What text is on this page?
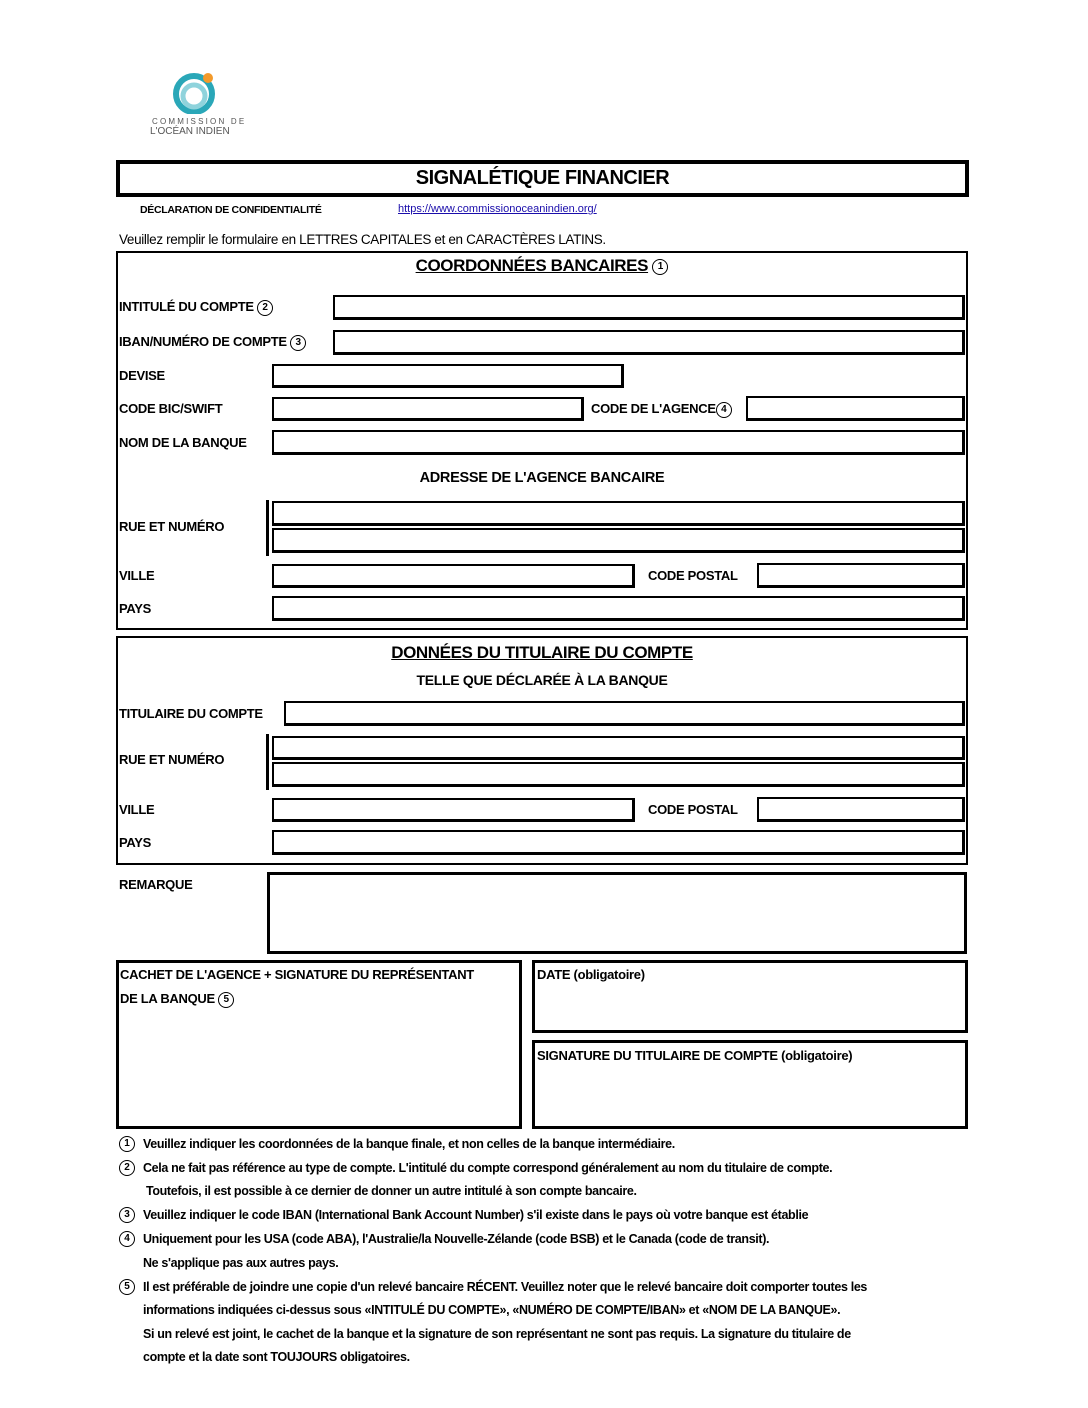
COMMISSION DE
L'OCÉAN INDIEN
SIGNALÉTIQUE FINANCIER
DÉCLARATION DE CONFIDENTIALITÉ	https://www.commissionoceanindien.org/
Veuillez remplir le formulaire en LETTRES CAPITALES et en CARACTÈRES LATINS.
COORDONNÉES BANCAIRES 1
INTITULÉ DU COMPTE 2
IBAN/NUMÉRO DE COMPTE 3
DEVISE
CODE BIC/SWIFT	CODE DE L'AGENCE 4
NOM DE LA BANQUE
ADRESSE DE L'AGENCE BANCAIRE
RUE ET NUMÉRO
VILLE	CODE POSTAL
PAYS
DONNÉES DU TITULAIRE DU COMPTE
TELLE QUE DÉCLARÉE À LA BANQUE
TITULAIRE DU COMPTE
RUE ET NUMÉRO
VILLE	CODE POSTAL
PAYS
REMARQUE
CACHET DE L'AGENCE + SIGNATURE DU REPRÉSENTANT
DE LA BANQUE 5
DATE (obligatoire)
SIGNATURE DU TITULAIRE DE COMPTE (obligatoire)
1	Veuillez indiquer les coordonnées de la banque finale, et non celles de la banque intermédiaire.
2	Cela ne fait pas référence au type de compte. L'intitulé du compte correspond généralement au nom du titulaire de compte.
Toutefois, il est possible à ce dernier de donner un autre intitulé à son compte bancaire.
3	Veuillez indiquer le code IBAN (International Bank Account Number) s'il existe dans le pays où votre banque est établie
4	Uniquement pour les USA (code ABA), l'Australie/la Nouvelle-Zélande (code BSB) et le Canada (code de transit).
Ne s'applique pas aux autres pays.
5	Il est préférable de joindre une copie d'un relevé bancaire RÉCENT. Veuillez noter que le relevé bancaire doit comporter toutes les
informations indiquées ci-dessus sous «INTITULÉ DU COMPTE», «NUMÉRO DE COMPTE/IBAN» et «NOM DE LA BANQUE».
Si un relevé est joint, le cachet de la banque et la signature de son représentant ne sont pas requis. La signature du titulaire de
compte et la date sont TOUJOURS obligatoires.
